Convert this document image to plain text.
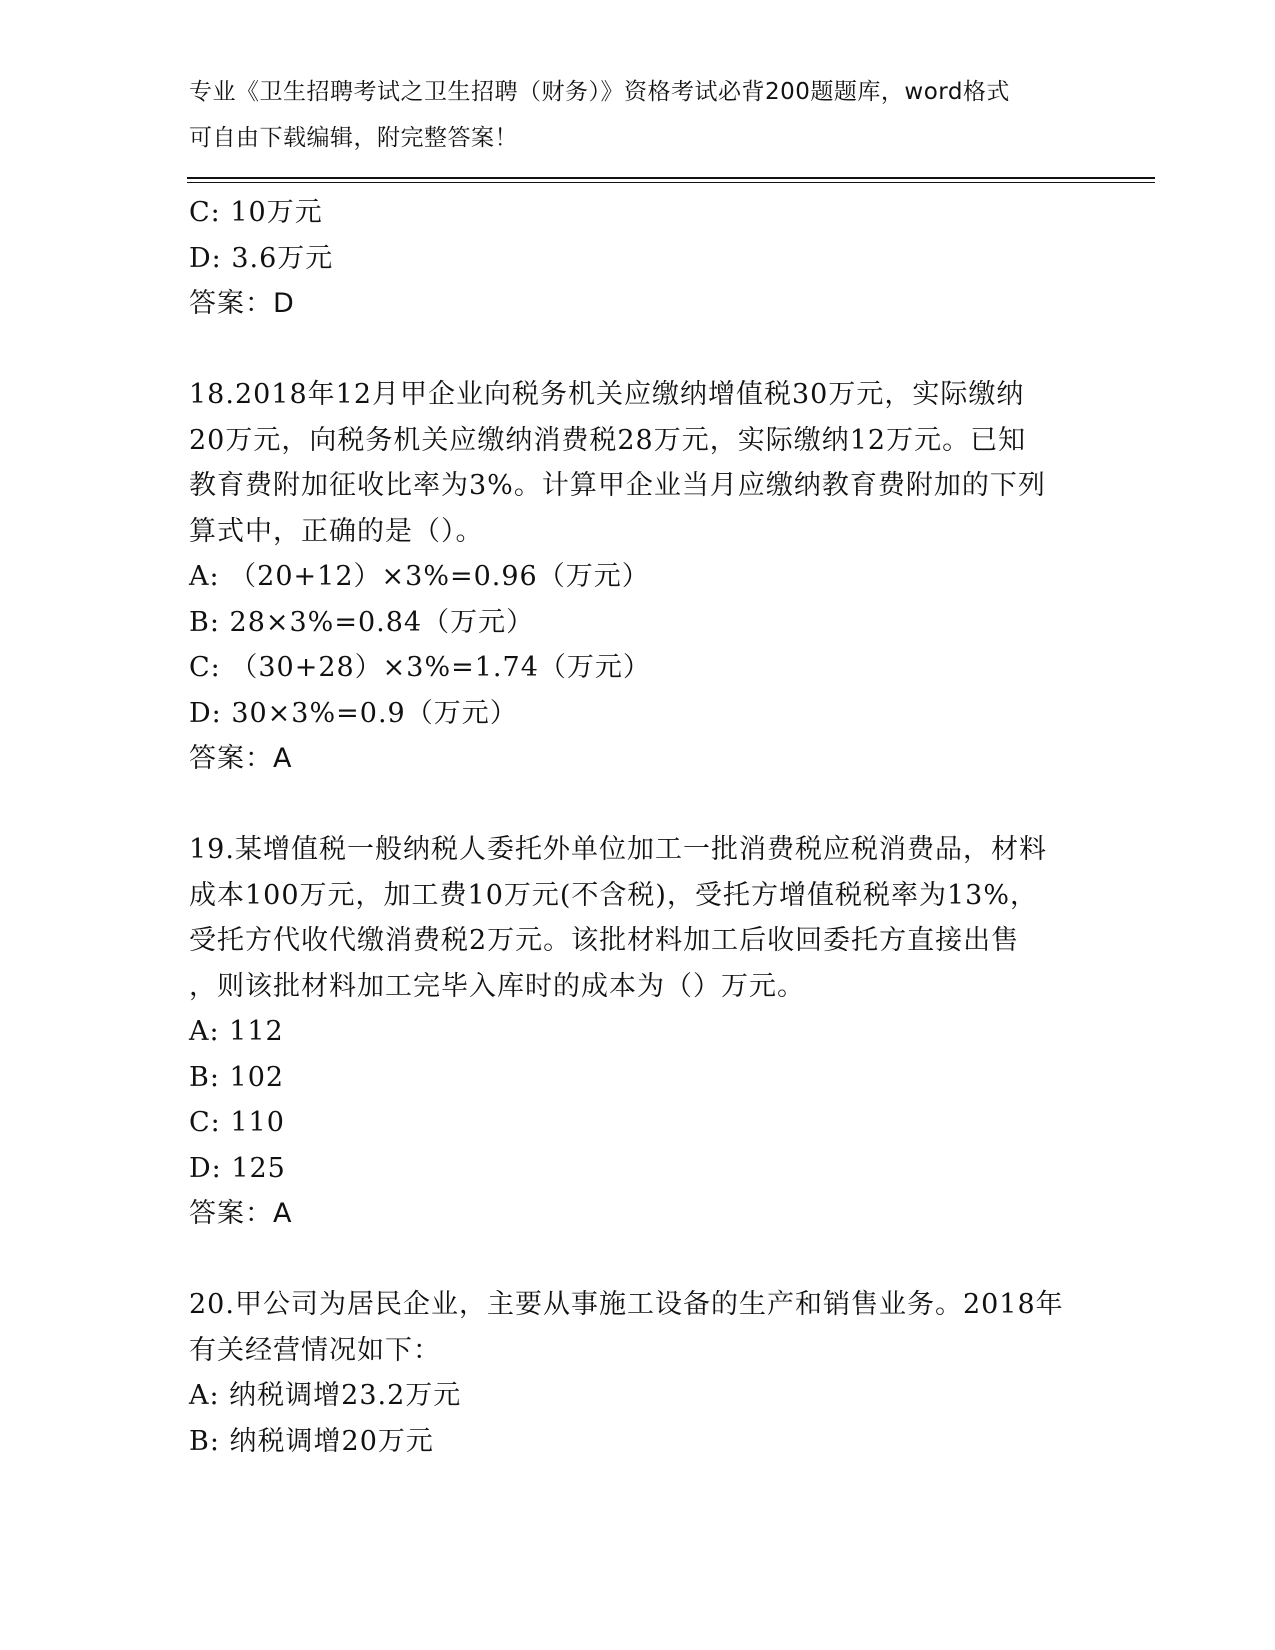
专业《卫生招聘考试之卫生招聘（财务）》资格考试必背200题题库，word格式
可自由下载编辑，附完整答案！
C: 10万元
D: 3.6万元
答案：D
18.2018年12月甲企业向税务机关应缴纳增值税30万元，实际缴纳
20万元，向税务机关应缴纳消费税28万元，实际缴纳12万元。已知
教育费附加征收比率为3%。计算甲企业当月应缴纳教育费附加的下列
算式中，正确的是（）。
A: （20+12）×3%=0.96（万元）
B: 28×3%=0.84（万元）
C: （30+28）×3%=1.74（万元）
D: 30×3%=0.9（万元）
答案：A
19.某增值税一般纳税人委托外单位加工一批消费税应税消费品，材料
成本100万元，加工费10万元(不含税)，受托方增值税税率为13%，
受托方代收代缴消费税2万元。该批材料加工后收回委托方直接出售
，则该批材料加工完毕入库时的成本为（）万元。
A: 112
B: 102
C: 110
D: 125
答案：A
20.甲公司为居民企业，主要从事施工设备的生产和销售业务。2018年
有关经营情况如下：
A: 纳税调增23.2万元
B: 纳税调增20万元
